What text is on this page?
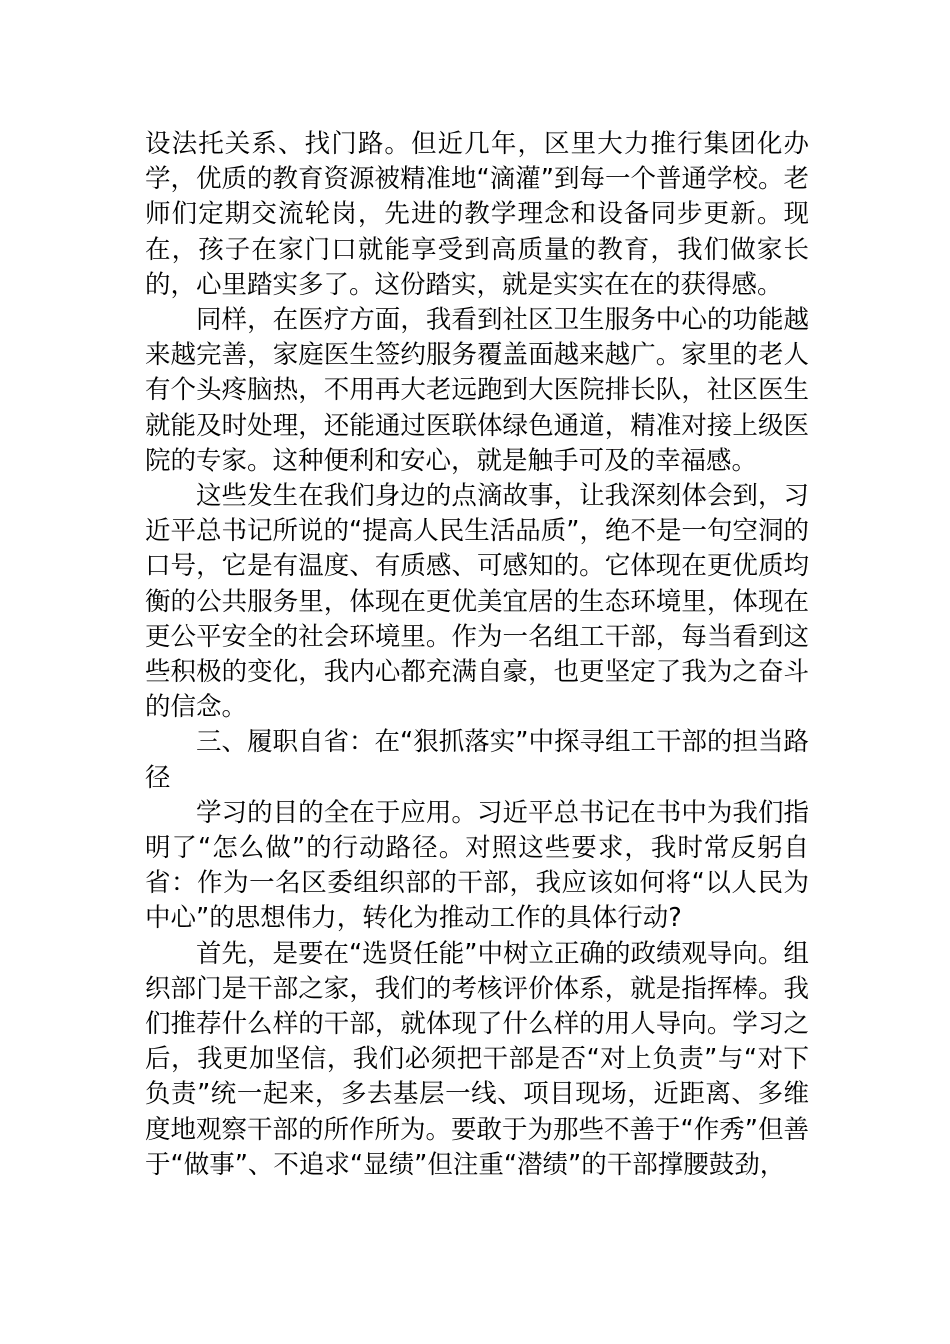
设法托关系、找门路。但近几年，区里大力推行集团化办学，优质的教育资源被精准地“滴灌”到每一个普通学校。老师们定期交流轮岗，先进的教学理念和设备同步更新。现在，孩子在家门口就能享受到高质量的教育，我们做家长的，心里踏实多了。这份踏实，就是实实在在的获得感。

同样，在医疗方面，我看到社区卫生服务中心的功能越来越完善，家庭医生签约服务覆盖面越来越广。家里的老人有个头疼脑热，不用再大老远跑到大医院排长队，社区医生就能及时处理，还能通过医联体绿色通道，精准对接上级医院的专家。这种便利和安心，就是触手可及的幸福感。

这些发生在我们身边的点滴故事，让我深刻体会到，习近平总书记所说的“提高人民生活品质”，绝不是一句空洞的口号，它是有温度、有质感、可感知的。它体现在更优质均衡的公共服务里，体现在更优美宜居的生态环境里，体现在更公平安全的社会环境里。作为一名组工干部，每当看到这些积极的变化，我内心都充满自豪，也更坚定了我为之奋斗的信念。

三、履职自省：在“狠抓落实”中探寻组工干部的担当路径

学习的目的全在于应用。习近平总书记在书中为我们指明了“怎么做”的行动路径。对照这些要求，我时常反躬自省：作为一名区委组织部的干部，我应该如何将“以人民为中心”的思想伟力，转化为推动工作的具体行动?

首先，是要在“选贤任能”中树立正确的政绩观导向。组织部门是干部之家，我们的考核评价体系，就是指挥棒。我们推荐什么样的干部，就体现了什么样的用人导向。学习之后，我更加坚信，我们必须把干部是否“对上负责”与“对下负责”统一起来，多去基层一线、项目现场，近距离、多维度地观察干部的所作所为。要敢于为那些不善于“作秀”但善于“做事”、不追求“显绩”但注重“潜绩”的干部撑腰鼓劲，
